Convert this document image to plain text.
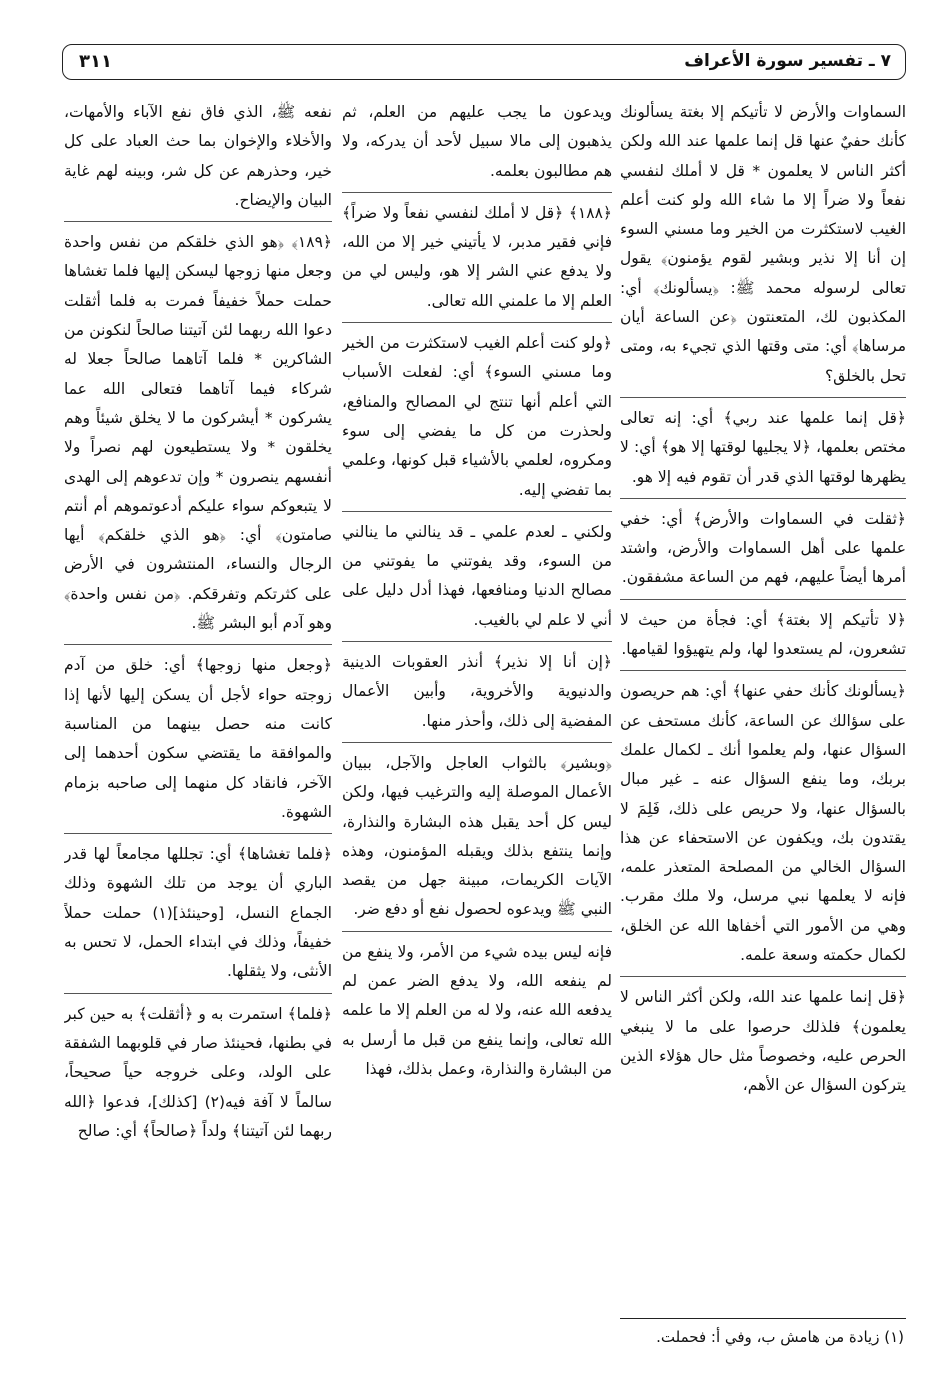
٧ ـ تفسير سورة الأعراف
٣١١

السماوات والأرض لا تأتيكم إلا بغتة يسألونك كأنك حفيٌ عنها قل إنما علمها عند الله ولكن أكثر الناس لا يعلمون * قل لا أملك لنفسي نفعاً ولا ضراً إلا ما شاء الله ولو كنت أعلم الغيب لاستكثرت من الخير وما مسني السوء إن أنا إلا نذير وبشير لقوم يؤمنون﴾ يقول تعالى لرسوله محمد ﷺ: ﴿يسألونك﴾ أي: المكذبون لك، المتعنتون ﴿عن الساعة أيان مرساها﴾ أي: متى وقتها الذي تجيء به، ومتى تحل بالخلق؟

﴿قل إنما علمها عند ربي﴾ أي: إنه تعالى مختص بعلمها، ﴿لا يجليها لوقتها إلا هو﴾ أي: لا يظهرها لوقتها الذي قدر أن تقوم فيه إلا هو.

﴿ثقلت في السماوات والأرض﴾ أي: خفي علمها على أهل السماوات والأرض، واشتد أمرها أيضاً عليهم، فهم من الساعة مشفقون.

﴿لا تأتيكم إلا بغتة﴾ أي: فجأة من حيث لا تشعرون، لم يستعدوا لها، ولم يتهيؤوا لقيامها.

﴿يسألونك كأنك حفي عنها﴾ أي: هم حريصون على سؤالك عن الساعة، كأنك مستحف عن السؤال عنها، ولم يعلموا أنك ـ لكمال علمك بربك، وما ينفع السؤال عنه ـ غير مبال بالسؤال عنها، ولا حريص على ذلك، فَلِمَ لا يقتدون بك، ويكفون عن الاستحفاء عن هذا السؤال الخالي من المصلحة المتعذر علمه، فإنه لا يعلمها نبي مرسل، ولا ملك مقرب. وهي من الأمور التي أخفاها الله عن الخلق، لكمال حكمته وسعة علمه.

﴿قل إنما علمها عند الله، ولكن أكثر الناس لا يعلمون﴾ فلذلك حرصوا على ما لا ينبغي الحرص عليه، وخصوصاً مثل حال هؤلاء الذين يتركون السؤال عن الأهم،

ويدعون ما يجب عليهم من العلم، ثم يذهبون إلى مالا سبيل لأحد أن يدركه، ولا هم مطالبون بعلمه.

﴿١٨٨﴾ ﴿قل لا أملك لنفسي نفعاً ولا ضراً﴾ فإني فقير مدبر، لا يأتيني خير إلا من الله، ولا يدفع عني الشر إلا هو، وليس لي من العلم إلا ما علمني الله تعالى.

﴿ولو كنت أعلم الغيب لاستكثرت من الخير وما مسني السوء﴾ أي: لفعلت الأسباب التي أعلم أنها تنتج لي المصالح والمنافع، ولحذرت من كل ما يفضي إلى سوء ومكروه، لعلمي بالأشياء قبل كونها، وعلمي بما تفضي إليه.

ولكني ـ لعدم علمي ـ قد ينالني ما ينالني من السوء، وقد يفوتني ما يفوتني من مصالح الدنيا ومنافعها، فهذا أدل دليل على أني لا علم لي بالغيب.

﴿إن أنا إلا نذير﴾ أنذر العقوبات الدينية والدنيوية والأخروية، وأبين الأعمال المفضية إلى ذلك، وأحذر منها.

﴿وبشير﴾ بالثواب العاجل والآجل، ببيان الأعمال الموصلة إليه والترغيب فيها، ولكن ليس كل أحد يقبل هذه البشارة والنذارة، وإنما ينتفع بذلك ويقبله المؤمنون، وهذه الآيات الكريمات، مبينة جهل من يقصد النبي ﷺ ويدعوه لحصول نفع أو دفع ضر.

فإنه ليس بيده شيء من الأمر، ولا ينفع من لم ينفعه الله، ولا يدفع الضر عمن لم يدفعه الله عنه، ولا له من العلم إلا ما علمه الله تعالى، وإنما ينفع من قبل ما أرسل به من البشارة والنذارة، وعمل بذلك، فهذا

نفعه ﷺ، الذي فاق نفع الآباء والأمهات، والأخلاء والإخوان بما حث العباد على كل خير، وحذرهم عن كل شر، وبينه لهم غاية البيان والإيضاح.

﴿١٨٩﴾ ﴿هو الذي خلقكم من نفس واحدة وجعل منها زوجها ليسكن إليها فلما تغشاها حملت حملاً خفيفاً فمرت به فلما أثقلت دعوا الله ربهما لئن آتيتنا صالحاً لنكونن من الشاكرين * فلما آتاهما صالحاً جعلا له شركاء فيما آتاهما فتعالى الله عما يشركون * أيشركون ما لا يخلق شيئاً وهم يخلقون * ولا يستطيعون لهم نصراً ولا أنفسهم ينصرون * وإن تدعوهم إلى الهدى لا يتبعوكم سواء عليكم أدعوتموهم أم أنتم صامتون﴾ أي: ﴿هو الذي خلقكم﴾ أيها الرجال والنساء، المنتشرون في الأرض على كثرتكم وتفرقكم. ﴿من نفس واحدة﴾ وهو آدم أبو البشر ﷺ.

﴿وجعل منها زوجها﴾ أي: خلق من آدم زوجته حواء لأجل أن يسكن إليها لأنها إذا كانت منه حصل بينهما من المناسبة والموافقة ما يقتضي سكون أحدهما إلى الآخر، فانقاد كل منهما إلى صاحبه بزمام الشهوة.

﴿فلما تغشاها﴾ أي: تجللها مجامعاً لها قدر الباري أن يوجد من تلك الشهوة وذلك الجماع النسل، [وحينئذ](١) حملت حملاً خفيفاً، وذلك في ابتداء الحمل، لا تحس به الأنثى، ولا يثقلها.

﴿فلما﴾ استمرت به و ﴿أثقلت﴾ به حين كبر في بطنها، فحينئذ صار في قلوبهما الشفقة على الولد، وعلى خروجه حياً صحيحاً، سالماً لا آفة فيه(٢) [كذلك]، فدعوا ﴿الله ربهما لئن آتيتنا﴾ ولداً ﴿صالحاً﴾ أي: صالح

(١) زيادة من هامش ب، وفي أ: فحملت.
